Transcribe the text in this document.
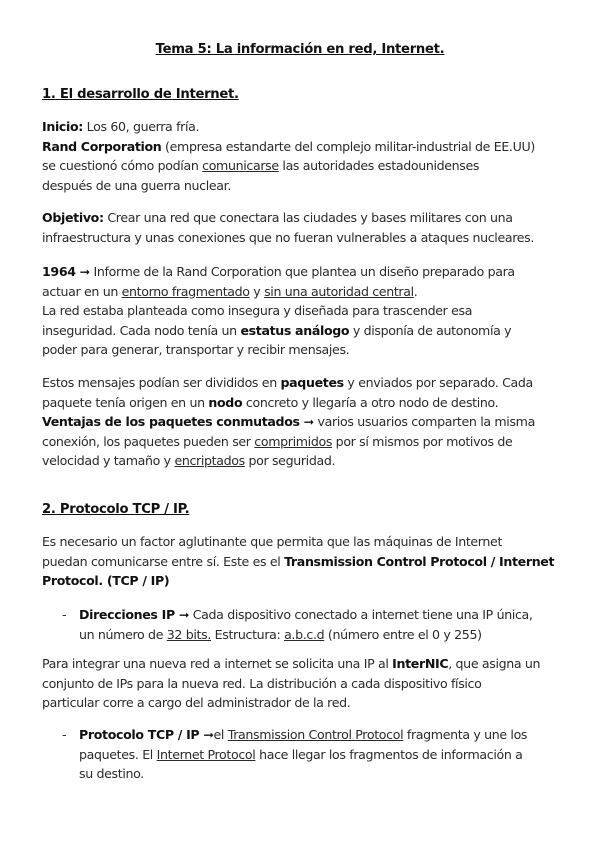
Tema 5: La información en red, Internet.
1. El desarrollo de Internet.
Inicio: Los 60, guerra fría.
Rand Corporation (empresa estandarte del complejo militar-industrial de EE.UU)
se cuestionó cómo podían comunicarse las autoridades estadounidenses
después de una guerra nuclear.
Objetivo: Crear una red que conectara las ciudades y bases militares con una
infraestructura y unas conexiones que no fueran vulnerables a ataques nucleares.
1964 ➞ Informe de la Rand Corporation que plantea un diseño preparado para
actuar en un entorno fragmentado y sin una autoridad central.
La red estaba planteada como insegura y diseñada para trascender esa
inseguridad. Cada nodo tenía un estatus análogo y disponía de autonomía y
poder para generar, transportar y recibir mensajes.
Estos mensajes podían ser divididos en paquetes y enviados por separado. Cada
paquete tenía origen en un nodo concreto y llegaría a otro nodo de destino.
Ventajas de los paquetes conmutados ➞ varios usuarios comparten la misma
conexión, los paquetes pueden ser comprimidos por sí mismos por motivos de
velocidad y tamaño y encriptados por seguridad.
2. Protocolo TCP / IP.
Es necesario un factor aglutinante que permita que las máquinas de Internet
puedan comunicarse entre sí. Este es el Transmission Control Protocol / Internet
Protocol. (TCP / IP)
- Direcciones IP ➞ Cada dispositivo conectado a internet tiene una IP única,
un número de 32 bits. Estructura: a.b.c.d (número entre el 0 y 255)
Para integrar una nueva red a internet se solicita una IP al InterNIC, que asigna un
conjunto de IPs para la nueva red. La distribución a cada dispositivo físico
particular corre a cargo del administrador de la red.
- Protocolo TCP / IP ➞el Transmission Control Protocol fragmenta y une los
paquetes. El Internet Protocol hace llegar los fragmentos de información a
su destino.
